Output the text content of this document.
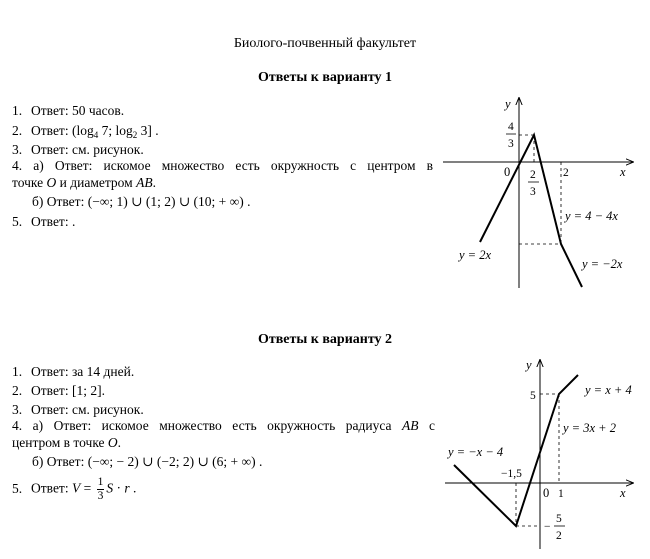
Биолого-почвенный факультет
Ответы к варианту 1
1. Ответ: 50 часов.
2. Ответ: ($\log_4$ 7; $\log_2 3$] .
3. Ответ: см. рисунок.
4. а) Ответ: искомое множество есть окружность с центром в
точке O и диаметром AB.
б) Ответ: (−∞; 1) ∪ (1; 2) ∪ (10; + ∞) .
5. Ответ: .
Ответы к варианту 2
1. Ответ: за 14 дней.
2. Ответ: [1; 2].
3. Ответ: см. рисунок.
4. а) Ответ: искомое множество есть окружность радиуса AB с
центром в точке O.
б) Ответ: (−∞; − 2) ∪ (−2; 2) ∪ (6; + ∞) .
5. Ответ: $V = \frac{1}{3}$ S · r .
y
x
0
4
3
2
3
2
y = 2x
y = 4 − 4x
y = −2x
y
x
0 1
−1,5
5
−
5
2
y = x + 4
y = 3x + 2
y = −x − 4
